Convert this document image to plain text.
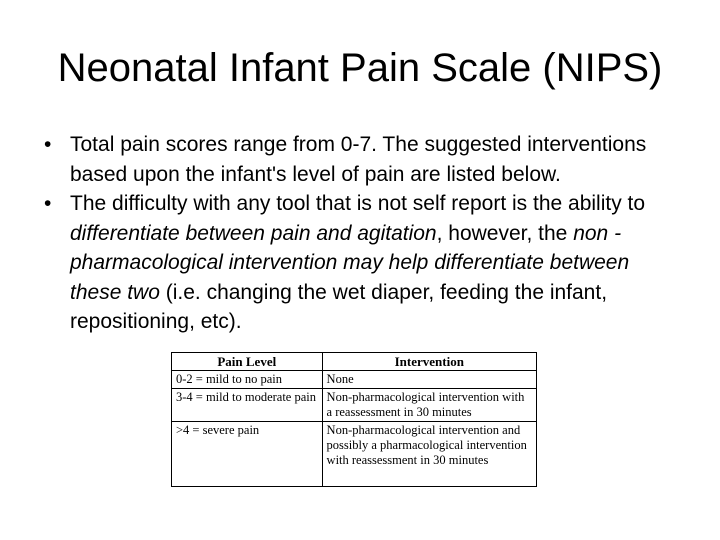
Neonatal Infant Pain Scale (NIPS)
• Total pain scores range from 0-7. The suggested interventions based upon the infant's level of pain are listed below.
• The difficulty with any tool that is not self report is the ability to differentiate between pain and agitation, however, the non -pharmacological intervention may help differentiate between these two (i.e. changing the wet diaper, feeding the infant, repositioning, etc).
Pain Level	Intervention
0-2 = mild to no pain	None
3-4 = mild to moderate pain	Non-pharmacological intervention with a reassessment in 30 minutes
>4 = severe pain	Non-pharmacological intervention and possibly a pharmacological intervention with reassessment in 30 minutes
